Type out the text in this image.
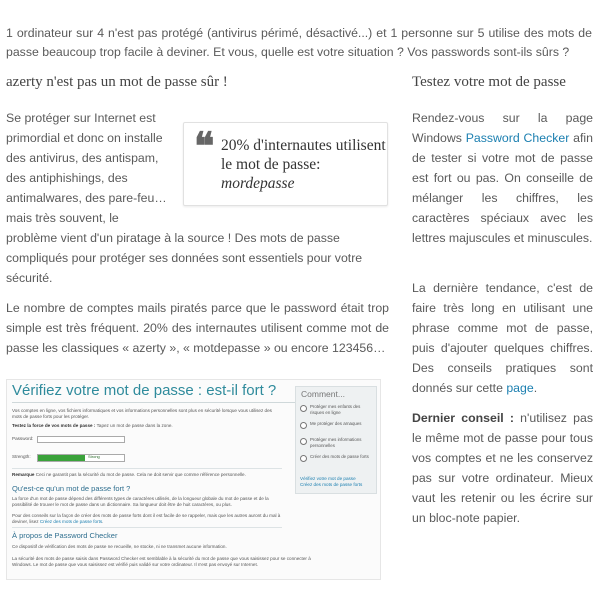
1 ordinateur sur 4 n'est pas protégé (antivirus périmé, désactivé...) et 1 personne sur 5 utilise des mots de passe beaucoup trop facile à deviner. Et vous, quelle est votre situation ? Vos passwords sont-ils sûrs ?

azerty n'est pas un mot de passe sûr !
Se protéger sur Internet est
primordial et donc on installe
des antivirus, des antispam,
des antiphishings, des
antimalwares, des pare-feu…
mais très souvent, le
problème vient d'un piratage à la source ! Des mots de passe compliqués pour protéger ses données sont essentiels pour votre sécurité.
❝ 20% d'internautes utilisent le mot de passe: mordepasse
Le nombre de comptes mails piratés parce que le password était trop simple est très fréquent. 20% des internautes utilisent comme mot de passe les classiques « azerty », « motdepasse » ou encore 123456…
Vérifiez votre mot de passe : est-il fort ?
Vos comptes en ligne, vos fichiers informatiques et vos informations personnelles sont plus en sécurité lorsque vous utilisez des
mots de passe forts pour les protéger.
Testez la force de vos mots de passe : Tapez un mot de passe dans la zone.
Password:
Strength:	Strong
Remarque Ceci ne garantit pas la sécurité du mot de passe. Cela ne doit servir que comme référence personnelle.
Qu'est-ce qu'un mot de passe fort ?
La force d'un mot de passe dépend des différents types de caractères utilisés, de la longueur globale du mot de passe et de la
possibilité de trouver le mot de passe dans un dictionnaire. Sa longueur doit être de huit caractères, ou plus.
Pour des conseils sur la façon de créer des mots de passe forts dont il est facile de se rappeler, mais que les autres auront du mal à
deviner, lisez Créez des mots de passe forts.
À propos de Password Checker
Ce dispositif de vérification des mots de passe ne recueille, ne stocke, ni ne transmet aucune information.
La sécurité des mots de passe saisis dans Password Checker est semblable à la sécurité du mot de passe que vous saisissez pour se connecter à
Windows. Le mot de passe que vous saisissez est vérifié puis validé sur votre ordinateur. Il n'est pas envoyé sur Internet.
Comment...
Protéger mes enfants des risques en ligne
Me protéger des arnaques
Protéger mes informations personnelles
Créer des mots de passe forts
Vérifiez votre mot de passe
Créez des mots de passe forts
Testez votre mot de passe
Rendez-vous sur la page Windows Password Checker afin de tester si votre mot de passe est fort ou pas. On conseille de mélanger les chiffres, les caractères spéciaux avec les lettres majuscules et minuscules.
La dernière tendance, c'est de faire très long en utilisant une phrase comme mot de passe, puis d'ajouter quelques chiffres. Des conseils pratiques sont donnés sur cette page.
Dernier conseil : n'utilisez pas le même mot de passe pour tous vos comptes et ne les conservez pas sur votre ordinateur. Mieux vaut les retenir ou les écrire sur un bloc-note papier.
